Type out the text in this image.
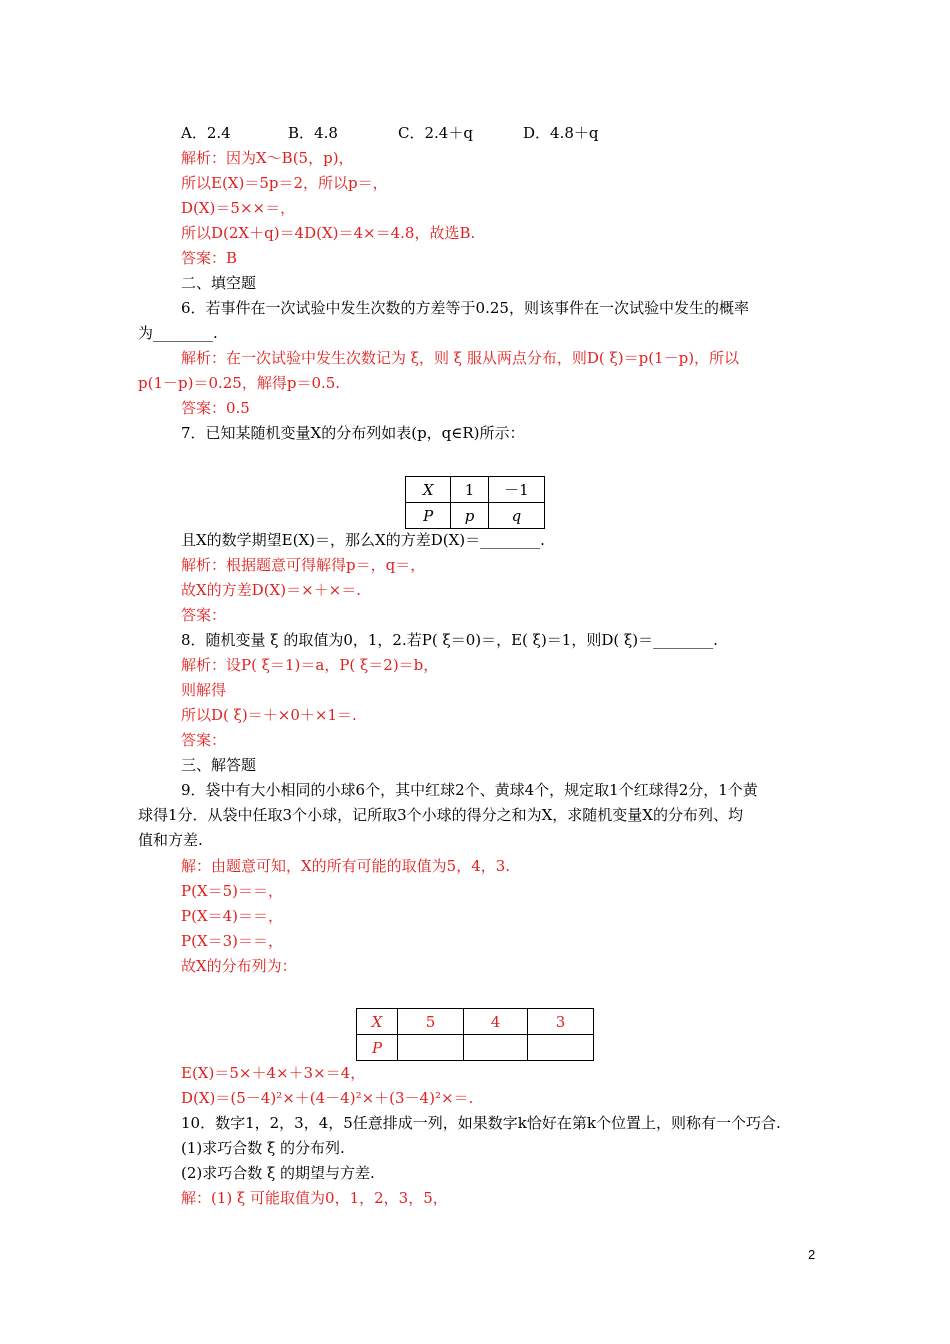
A．2.4	B．4.8	C．2.4＋q	D．4.8＋q
解析：因为X～B(5，p)，
所以E(X)＝5p＝2，所以p＝，
D(X)＝5××＝，
所以D(2X＋q)＝4D(X)＝4×＝4.8，故选B.
答案：B
二、填空题
6．若事件在一次试验中发生次数的方差等于0.25，则该事件在一次试验中发生的概率
为________.
解析：在一次试验中发生次数记为 ξ，则 ξ 服从两点分布，则D( ξ)＝p(1－p)，所以
p(1－p)＝0.25，解得p＝0.5.
答案：0.5
7．已知某随机变量X的分布列如表(p，q∈R)所示：
X	1	－1
P	p	q
且X的数学期望E(X)＝，那么X的方差D(X)＝________.
解析：根据题意可得解得p＝，q＝，
故X的方差D(X)＝×＋×＝.
答案：
8．随机变量 ξ 的取值为0，1，2.若P( ξ＝0)＝，E( ξ)＝1，则D( ξ)＝________.
解析：设P( ξ＝1)＝a，P( ξ＝2)＝b，
则解得
所以D( ξ)＝＋×0＋×1＝.
答案：
三、解答题
9．袋中有大小相同的小球6个，其中红球2个、黄球4个，规定取1个红球得2分，1个黄
球得1分．从袋中任取3个小球，记所取3个小球的得分之和为X，求随机变量X的分布列、均
值和方差.
解：由题意可知，X的所有可能的取值为5，4，3.
P(X＝5)＝＝，
P(X＝4)＝＝，
P(X＝3)＝＝，
故X的分布列为：
X	5	4	3
P			
E(X)＝5×＋4×＋3×＝4，
D(X)＝(5－4)²×＋(4－4)²×＋(3－4)²×＝.
10．数字1，2，3，4，5任意排成一列，如果数字k恰好在第k个位置上，则称有一个巧合.
(1)求巧合数 ξ 的分布列.
(2)求巧合数 ξ 的期望与方差.
解：(1) ξ 可能取值为0，1，2，3，5，
2
